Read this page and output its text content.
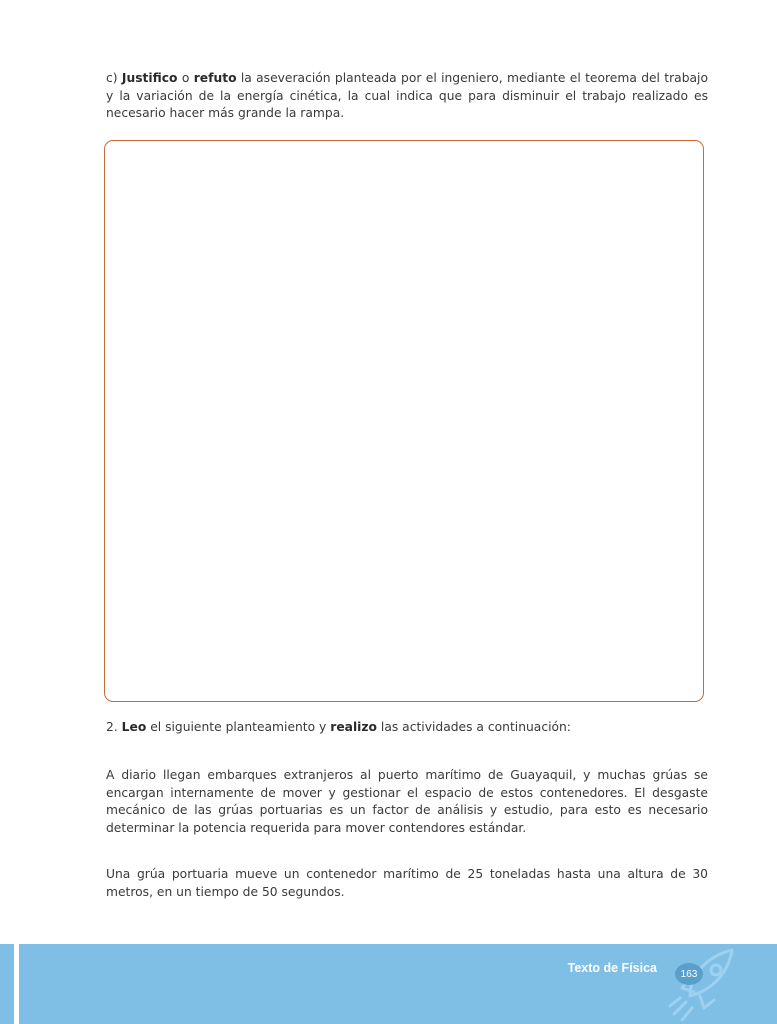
c) Justifico o refuto la aseveración planteada por el ingeniero, mediante el teorema del trabajo y la variación de la energía cinética, la cual indica que para disminuir el trabajo realizado es necesario hacer más grande la rampa.

2. Leo el siguiente planteamiento y realizo las actividades a continuación:

A diario llegan embarques extranjeros al puerto marítimo de Guayaquil, y muchas grúas se encargan internamente de mover y gestionar el espacio de estos contenedores. El desgaste mecánico de las grúas portuarias es un factor de análisis y estudio, para esto es necesario determinar la potencia requerida para mover contendores estándar.

Una grúa portuaria mueve un contenedor marítimo de 25 toneladas hasta una altura de 30 metros, en un tiempo de 50 segundos.

163
Texto de Física
